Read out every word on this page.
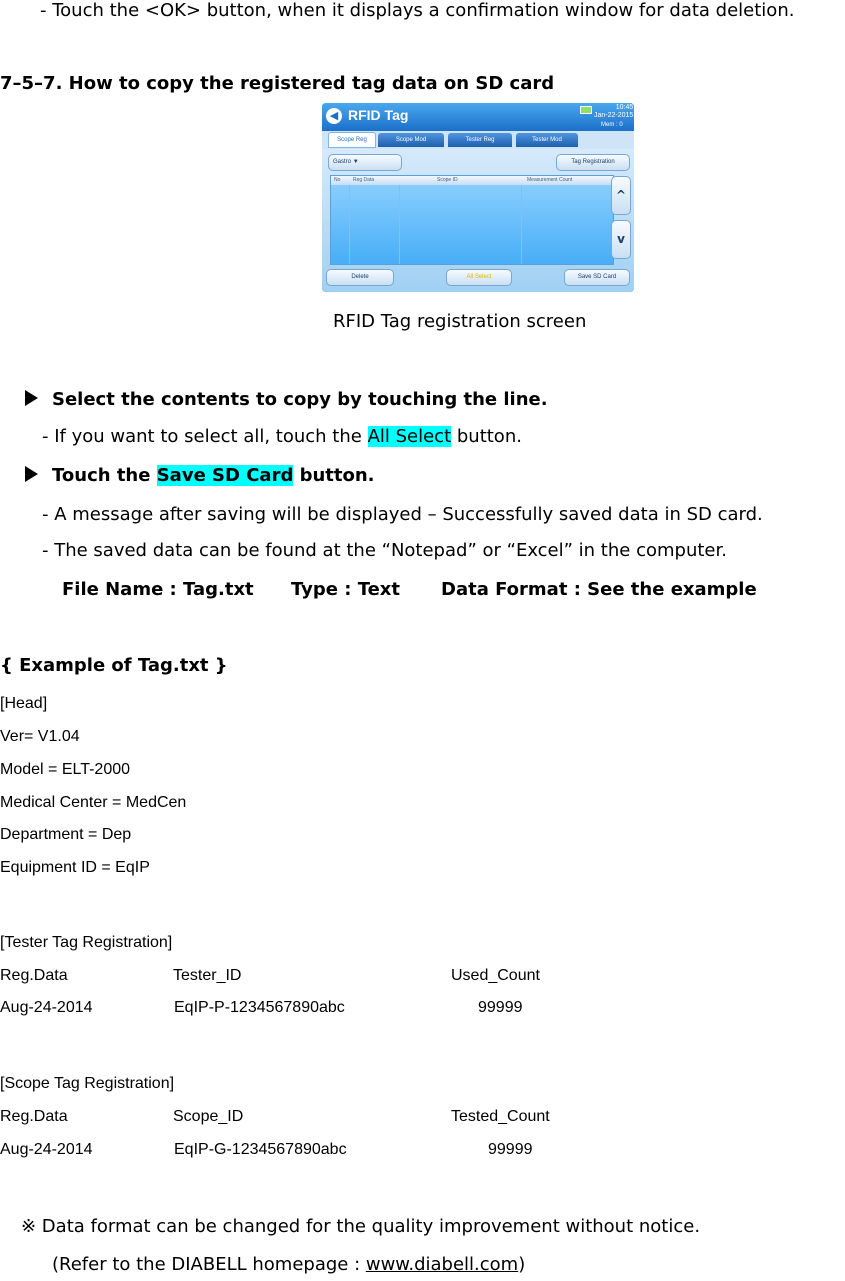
- Touch the <OK> button, when it displays a confirmation window for data deletion.
7–5–7. How to copy the registered tag data on SD card
◀ RFID Tag	10:45
Jan-22-2015
Mem : 0
Scope Reg	Scope Mod	Tester Reg	Tester Mod
Gastro ▼	Tag Registration
No	Reg Data	Scope ID	Measurement Count
^
v
Delete	All Select	Save SD Card
RFID Tag registration screen
Select the contents to copy by touching the line.
- If you want to select all, touch the All Select button.
Touch the Save SD Card button.
- A message after saving will be displayed – Successfully saved data in SD card.
- The saved data can be found at the “Notepad” or “Excel” in the computer.
File Name : Tag.txt Type : Text Data Format : See the example
{ Example of Tag.txt }
[Head]
Ver= V1.04
Model = ELT-2000
Medical Center = MedCen
Department = Dep
Equipment ID = EqIP
[Tester Tag Registration]
Reg.Data	Tester_ID	Used_Count
Aug-24-2014	EqIP-P-1234567890abc	99999
[Scope Tag Registration]
Reg.Data	Scope_ID	Tested_Count
Aug-24-2014	EqIP-G-1234567890abc	99999
※ Data format can be changed for the quality improvement without notice.
(Refer to the DIABELL homepage : www.diabell.com)
